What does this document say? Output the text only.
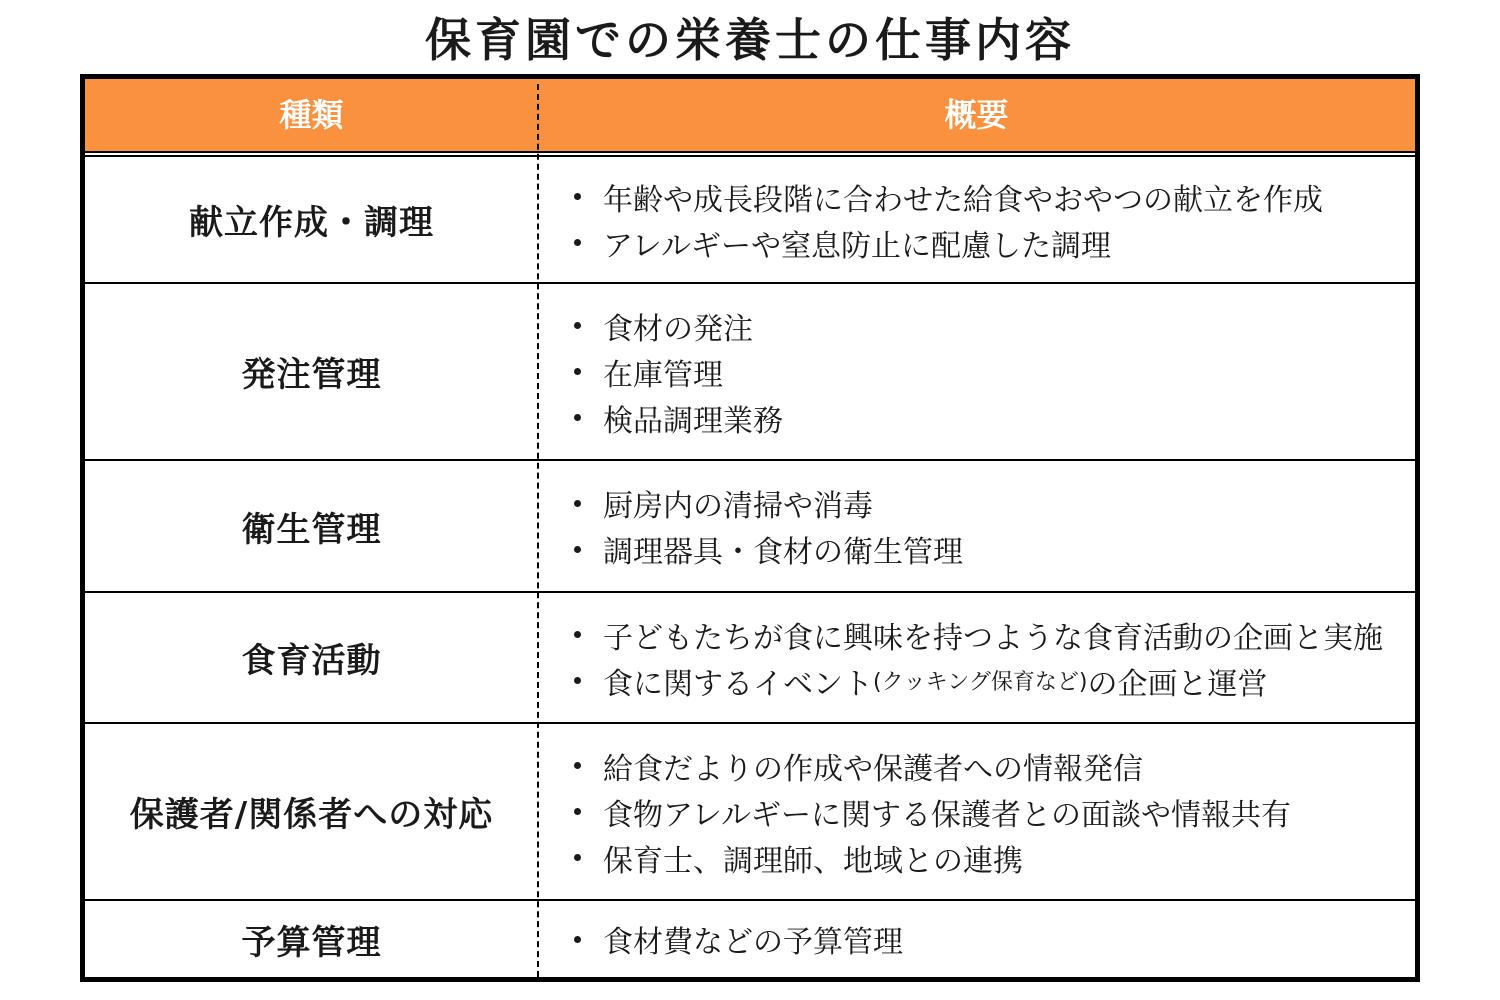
保育園での栄養士の仕事内容
種類	概要
献立作成・調理
年齢や成長段階に合わせた給食やおやつの献立を作成
アレルギーや窒息防止に配慮した調理
発注管理
食材の発注
在庫管理
検品調理業務
衛生管理
厨房内の清掃や消毒
調理器具・食材の衛生管理
食育活動
子どもたちが食に興味を持つような食育活動の企画と実施
食に関するイベント (クッキング保育など) の企画と運営
保護者/関係者への対応
給食だよりの作成や保護者への情報発信
食物アレルギーに関する保護者との面談や情報共有
保育士、調理師、地域との連携
予算管理	食材費などの予算管理
